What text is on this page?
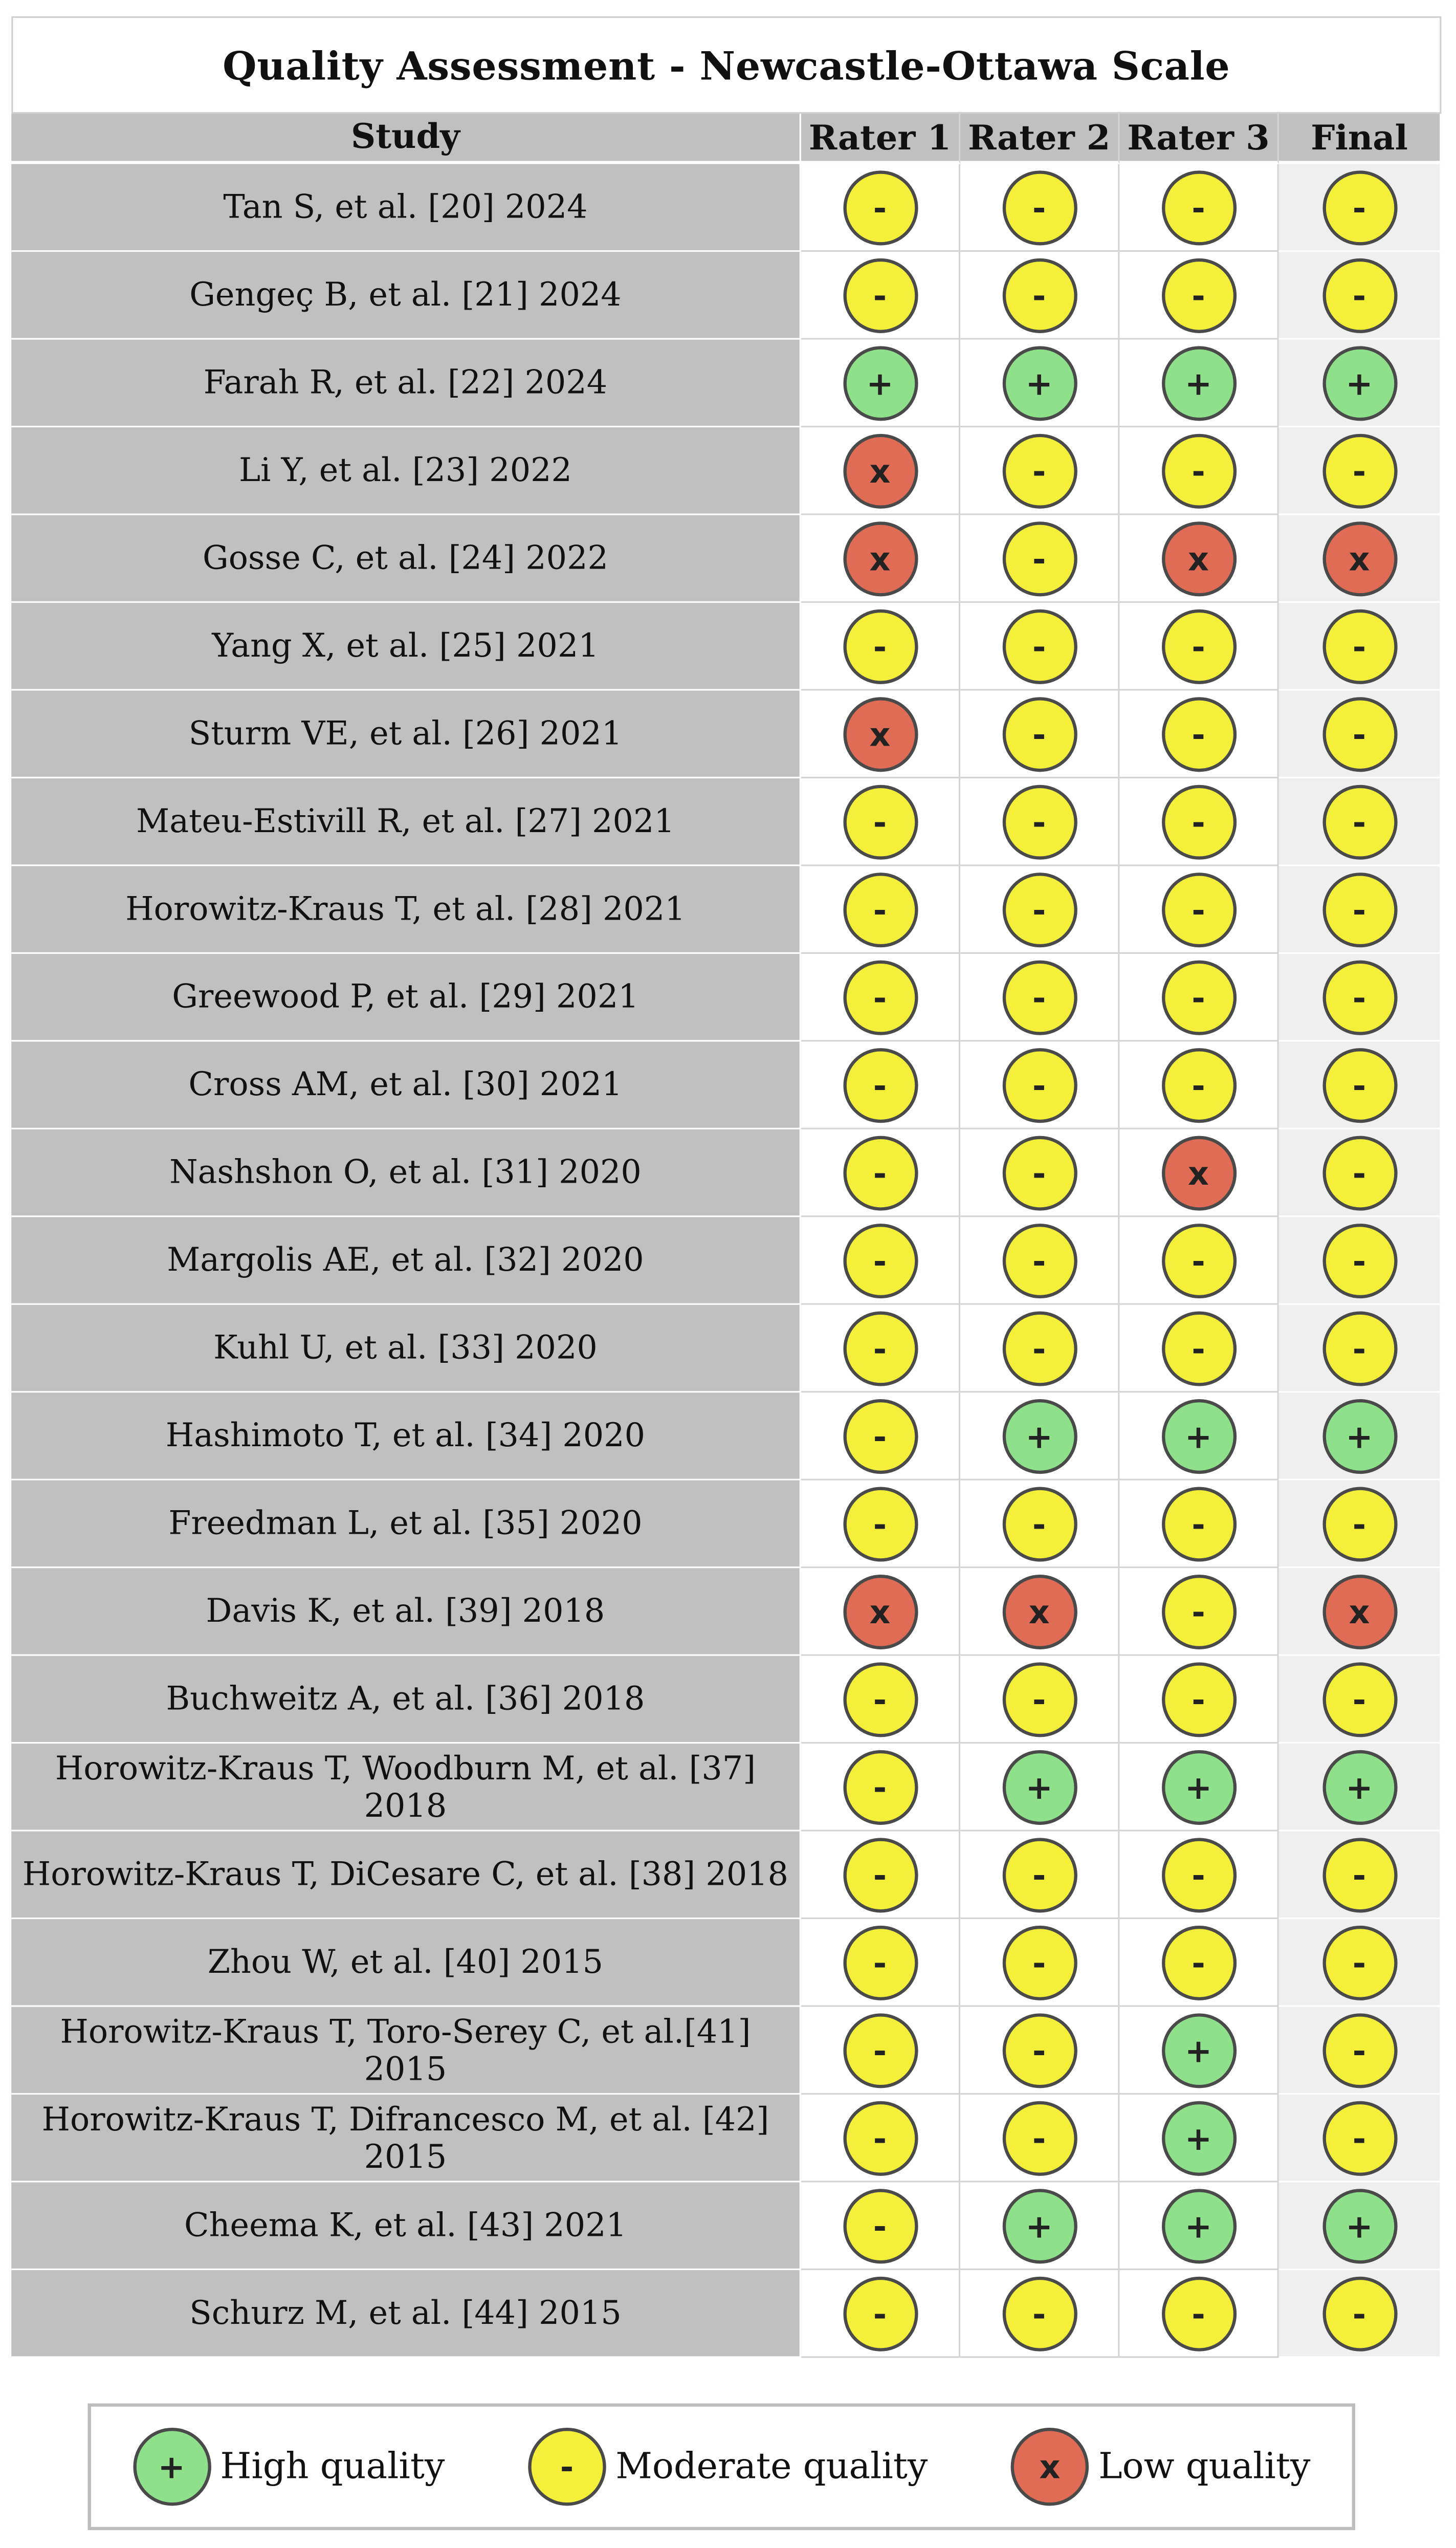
Quality Assessment - Newcastle-Ottawa Scale
Study	Rater 1	Rater 2	Rater 3	Final
Tan S, et al. [20] 2024	-	-	-	-
Gengeç B, et al. [21] 2024	-	-	-	-
Farah R, et al. [22] 2024	+	+	+	+
Li Y, et al. [23] 2022	x	-	-	-
Gosse C, et al. [24] 2022	x	-	x	x
Yang X, et al. [25] 2021	-	-	-	-
Sturm VE, et al. [26] 2021	x	-	-	-
Mateu-Estivill R, et al. [27] 2021	-	-	-	-
Horowitz-Kraus T, et al. [28] 2021	-	-	-	-
Greewood P, et al. [29] 2021	-	-	-	-
Cross AM, et al. [30] 2021	-	-	-	-
Nashshon O, et al. [31] 2020	-	-	x	-
Margolis AE, et al. [32] 2020	-	-	-	-
Kuhl U, et al. [33] 2020	-	-	-	-
Hashimoto T, et al. [34] 2020	-	+	+	+
Freedman L, et al. [35] 2020	-	-	-	-
Davis K, et al. [39] 2018	x	x	-	x
Buchweitz A, et al. [36] 2018	-	-	-	-
Horowitz-Kraus T, Woodburn M, et al. [37] 2018	-	+	+	+
Horowitz-Kraus T, DiCesare C, et al. [38] 2018	-	-	-	-
Zhou W, et al. [40] 2015	-	-	-	-
Horowitz-Kraus T, Toro-Serey C, et al.[41] 2015	-	-	+	-
Horowitz-Kraus T, Difrancesco M, et al. [42] 2015	-	-	+	-
Cheema K, et al. [43] 2021	-	+	+	+
Schurz M, et al. [44] 2015	-	-	-	-
+	High quality	-	Moderate quality	x	Low quality
